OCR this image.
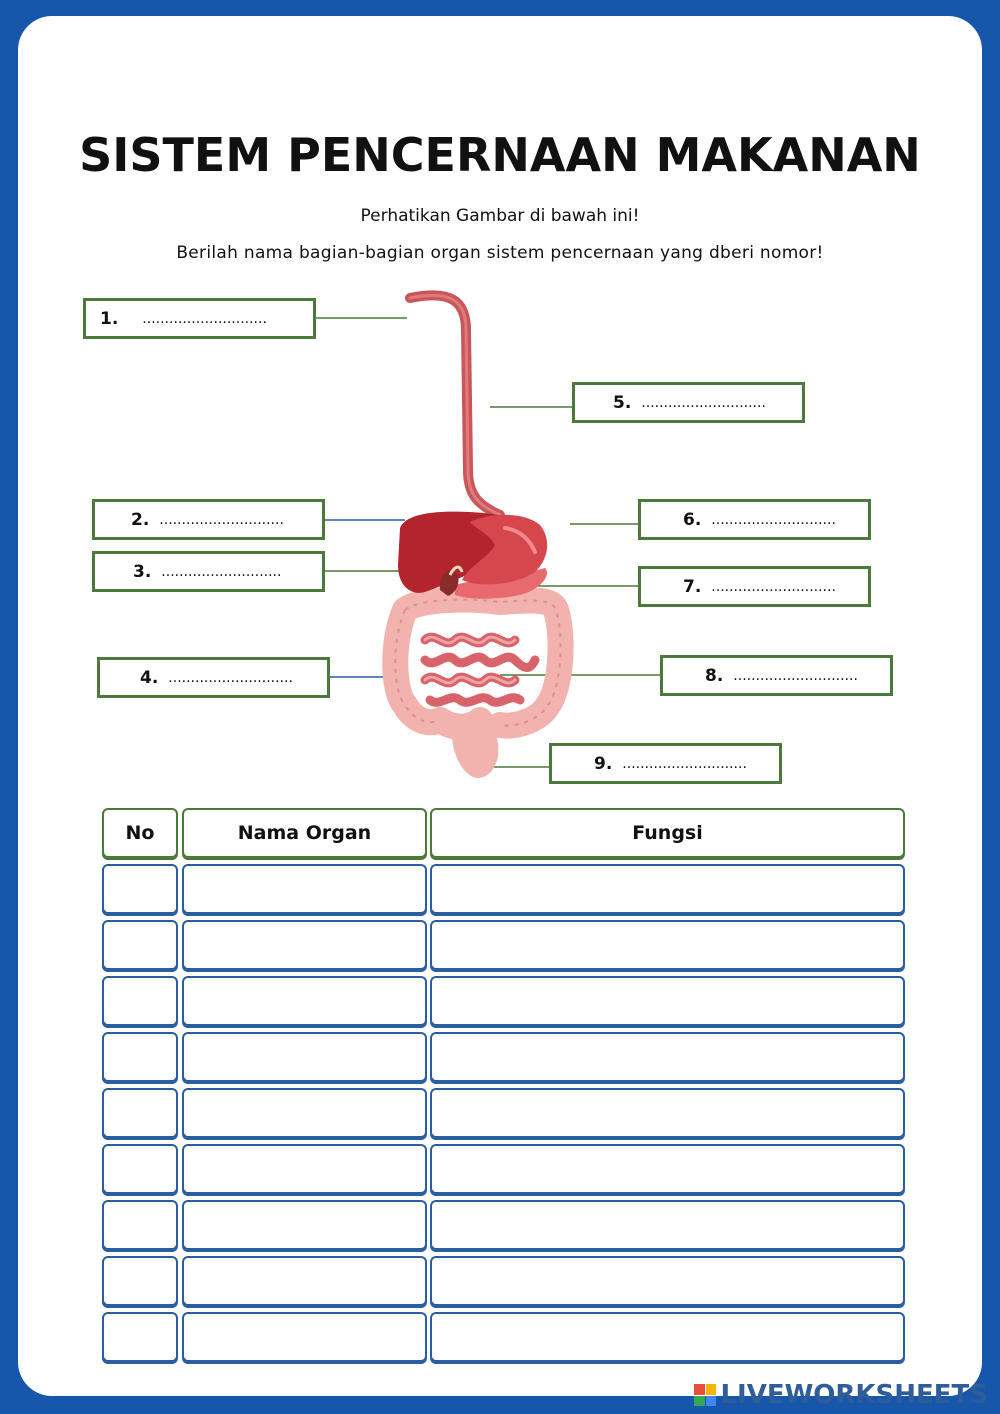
SISTEM PENCERNAAN MAKANAN
Perhatikan Gambar di bawah ini!
Berilah nama bagian-bagian organ sistem pencernaan yang dberi nomor!
1. ............................
5. ............................
2. ............................	6. ............................
3. ...........................
7. ............................
4. ............................	8. ............................
9. ............................
No	Nama Organ	Fungsi
LIVEWORKSHEETS
